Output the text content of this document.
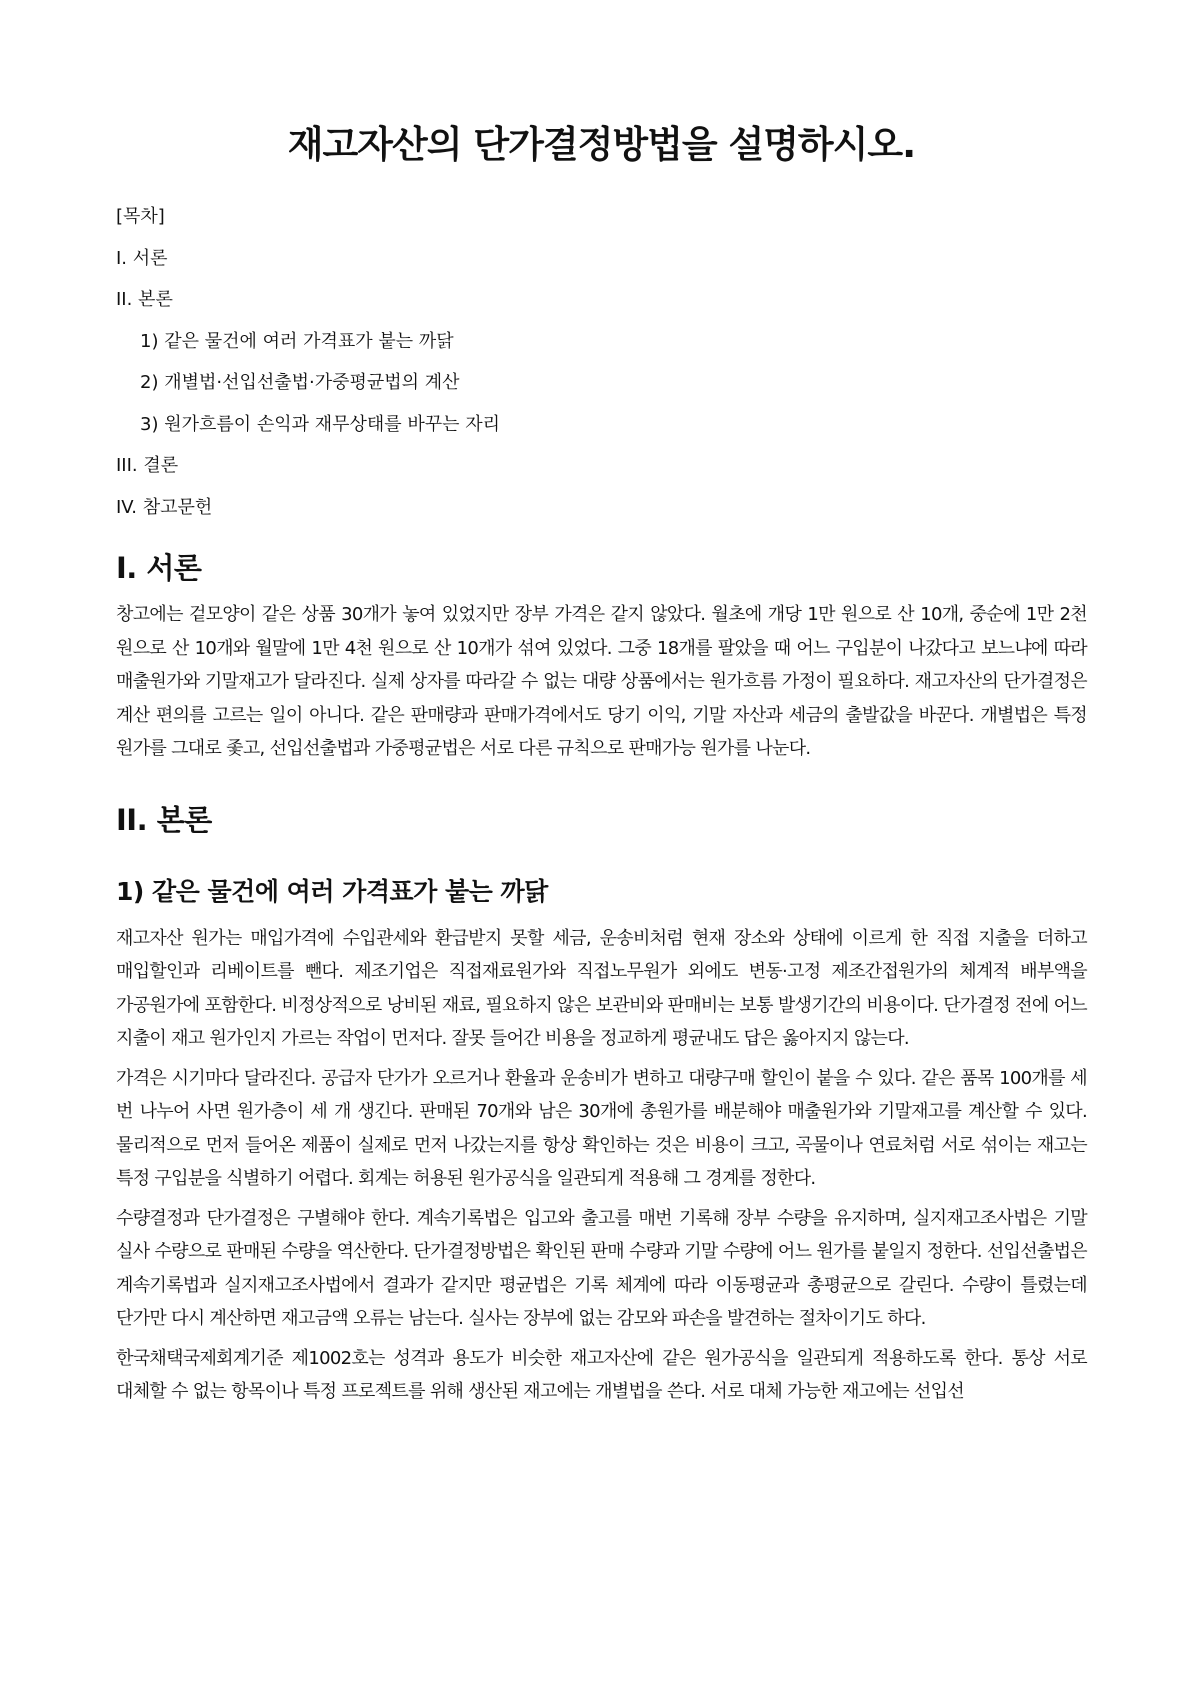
재고자산의 단가결정방법을 설명하시오.
[목차]
I. 서론
II. 본론
1) 같은 물건에 여러 가격표가 붙는 까닭
2) 개별법·선입선출법·가중평균법의 계산
3) 원가흐름이 손익과 재무상태를 바꾸는 자리
III. 결론
IV. 참고문헌
I. 서론

창고에는 겉모양이 같은 상품 30개가 놓여 있었지만 장부 가격은 같지 않았다. 월초에 개당 1만 원으로 산 10개, 중순에 1만 2천 원으로 산 10개와 월말에 1만 4천 원으로 산 10개가 섞여 있었다. 그중 18개를 팔았을 때 어느 구입분이 나갔다고 보느냐에 따라 매출원가와 기말재고가 달라진다. 실제 상자를 따라갈 수 없는 대량 상품에서는 원가흐름 가정이 필요하다. 재고자산의 단가결정은 계산 편의를 고르는 일이 아니다. 같은 판매량과 판매가격에서도 당기 이익, 기말 자산과 세금의 출발값을 바꾼다. 개별법은 특정 원가를 그대로 좇고, 선입선출법과 가중평균법은 서로 다른 규칙으로 판매가능 원가를 나눈다.

II. 본론
1) 같은 물건에 여러 가격표가 붙는 까닭

재고자산 원가는 매입가격에 수입관세와 환급받지 못할 세금, 운송비처럼 현재 장소와 상태에 이르게 한 직접 지출을 더하고 매입할인과 리베이트를 뺀다. 제조기업은 직접재료원가와 직접노무원가 외에도 변동·고정 제조간접원가의 체계적 배부액을 가공원가에 포함한다. 비정상적으로 낭비된 재료, 필요하지 않은 보관비와 판매비는 보통 발생기간의 비용이다. 단가결정 전에 어느 지출이 재고 원가인지 가르는 작업이 먼저다. 잘못 들어간 비용을 정교하게 평균내도 답은 옳아지지 않는다.

가격은 시기마다 달라진다. 공급자 단가가 오르거나 환율과 운송비가 변하고 대량구매 할인이 붙을 수 있다. 같은 품목 100개를 세 번 나누어 사면 원가층이 세 개 생긴다. 판매된 70개와 남은 30개에 총원가를 배분해야 매출원가와 기말재고를 계산할 수 있다. 물리적으로 먼저 들어온 제품이 실제로 먼저 나갔는지를 항상 확인하는 것은 비용이 크고, 곡물이나 연료처럼 서로 섞이는 재고는 특정 구입분을 식별하기 어렵다. 회계는 허용된 원가공식을 일관되게 적용해 그 경계를 정한다.

수량결정과 단가결정은 구별해야 한다. 계속기록법은 입고와 출고를 매번 기록해 장부 수량을 유지하며, 실지재고조사법은 기말 실사 수량으로 판매된 수량을 역산한다. 단가결정방법은 확인된 판매 수량과 기말 수량에 어느 원가를 붙일지 정한다. 선입선출법은 계속기록법과 실지재고조사법에서 결과가 같지만 평균법은 기록 체계에 따라 이동평균과 총평균으로 갈린다. 수량이 틀렸는데 단가만 다시 계산하면 재고금액 오류는 남는다. 실사는 장부에 없는 감모와 파손을 발견하는 절차이기도 하다.

한국채택국제회계기준 제1002호는 성격과 용도가 비슷한 재고자산에 같은 원가공식을 일관되게 적용하도록 한다. 통상 서로 대체할 수 없는 항목이나 특정 프로젝트를 위해 생산된 재고에는 개별법을 쓴다. 서로 대체 가능한 재고에는 선입선
